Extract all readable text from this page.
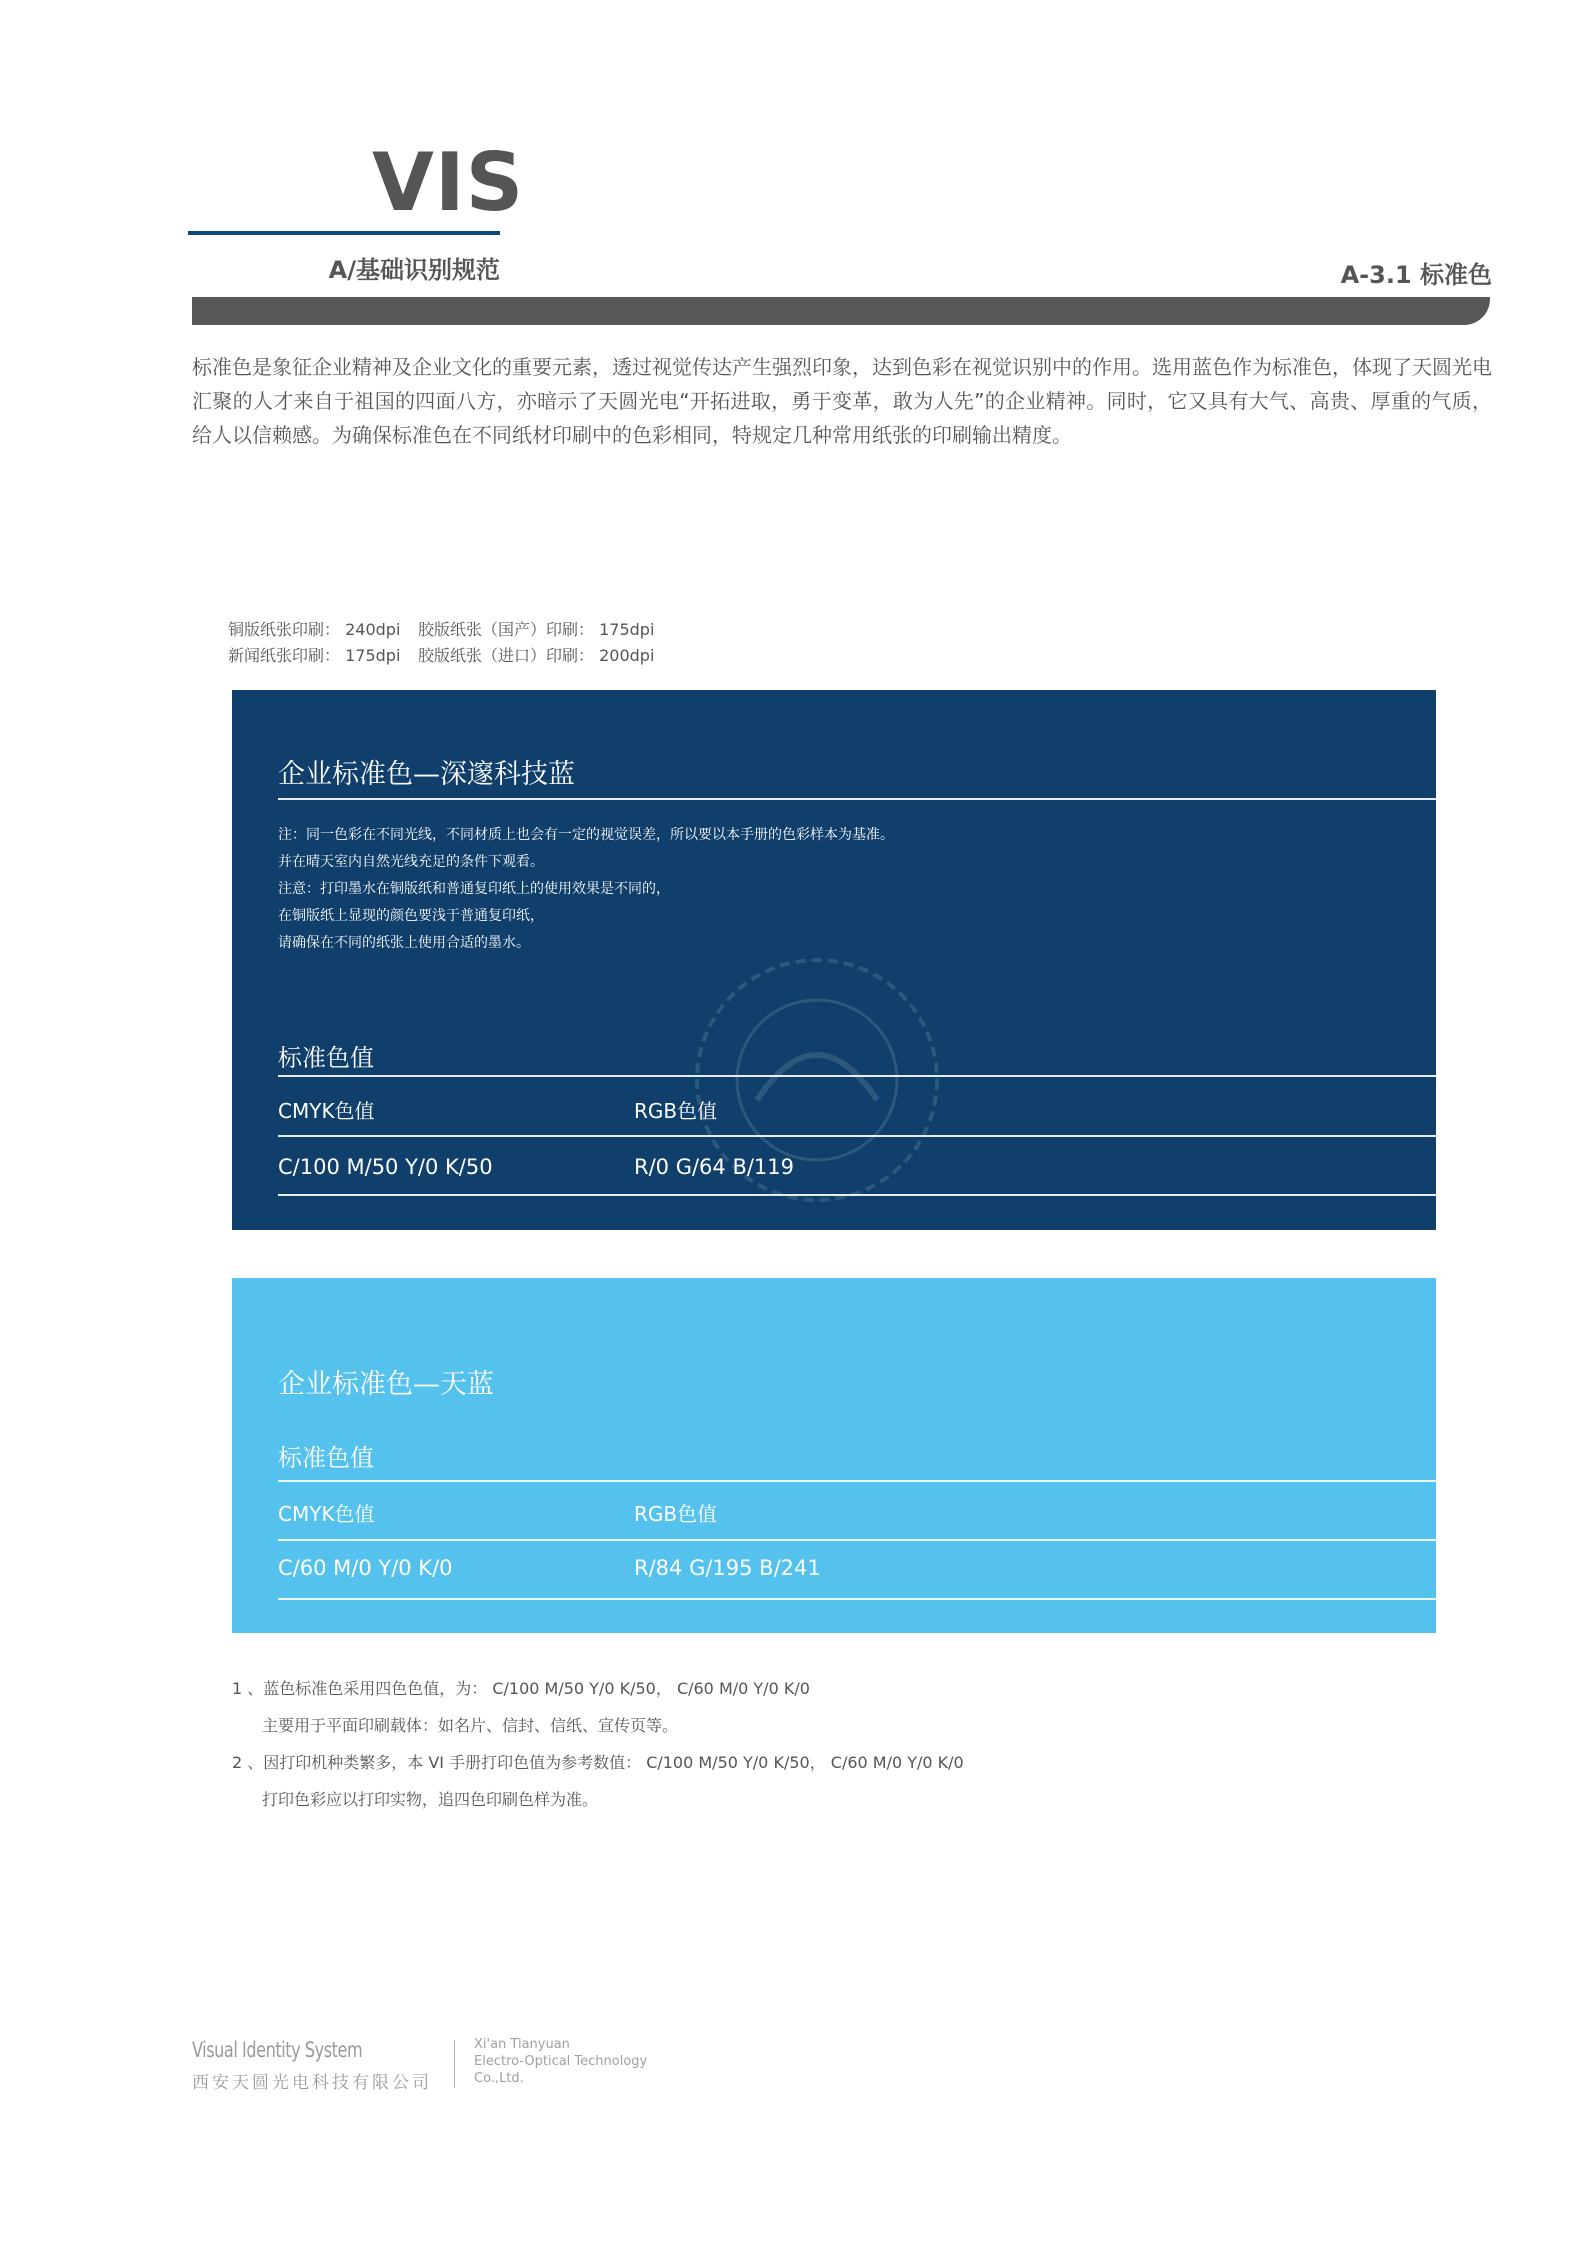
VIS
A/基础识别规范	A-3.1 标准色
标准色是象征企业精神及企业文化的重要元素，透过视觉传达产生强烈印象，达到色彩在视觉识别中的作用。选用蓝色作为标准色，体现了天圆光电汇聚的人才来自于祖国的四面八方，亦暗示了天圆光电“开拓进取，勇于变革，敢为人先”的企业精神。同时，它又具有大气、高贵、厚重的气质，给人以信赖感。为确保标准色在不同纸材印刷中的色彩相同，特规定几种常用纸张的印刷输出精度。
铜版纸张印刷： 240dpi 胶版纸张（国产）印刷： 175dpi
新闻纸张印刷： 175dpi 胶版纸张（进口）印刷： 200dpi
企业标准色—深邃科技蓝
注：同一色彩在不同光线，不同材质上也会有一定的视觉误差，所以要以本手册的色彩样本为基准。
并在晴天室内自然光线充足的条件下观看。
注意：打印墨水在铜版纸和普通复印纸上的使用效果是不同的，
在铜版纸上显现的颜色要浅于普通复印纸，
请确保在不同的纸张上使用合适的墨水。
标准色值
CMYK色值	RGB色值
C/100 M/50 Y/0 K/50	R/0 G/64 B/119
企业标准色—天蓝
标准色值
CMYK色值	RGB色值
C/60 M/0 Y/0 K/0	R/84 G/195 B/241
1 、蓝色标准色采用四色色值，为： C/100 M/50 Y/0 K/50， C/60 M/0 Y/0 K/0
主要用于平面印刷载体：如名片、信封、信纸、宣传页等。
2 、因打印机种类繁多，本 VI 手册打印色值为参考数值： C/100 M/50 Y/0 K/50， C/60 M/0 Y/0 K/0
打印色彩应以打印实物，追四色印刷色样为准。
Visual Identity System
西安天圆光电科技有限公司
Xi'an Tianyuan
Electro-Optical Technology
Co.,Ltd.
